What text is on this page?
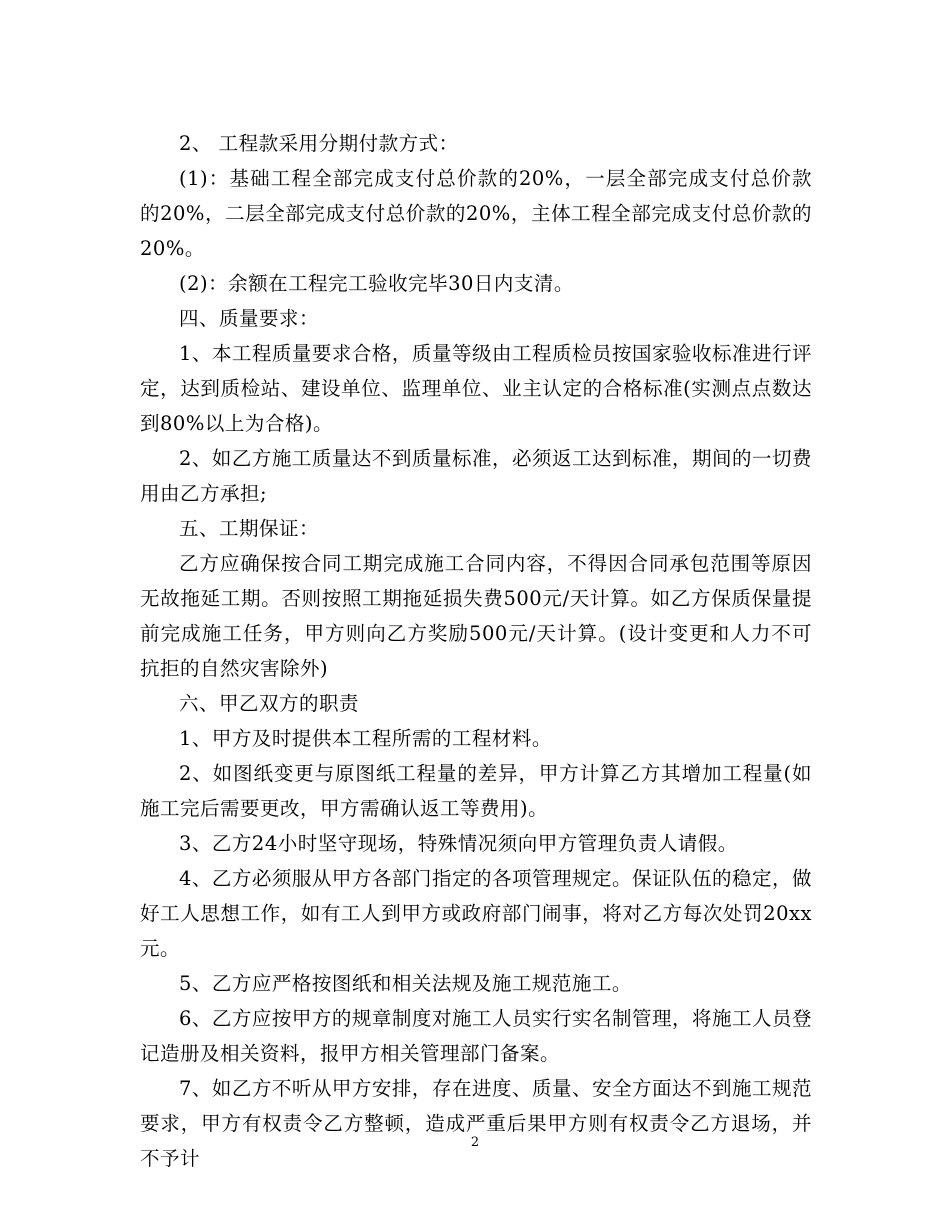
2、 工程款采用分期付款方式：

(1)：基础工程全部完成支付总价款的20%，一层全部完成支付总价款的20%，二层全部完成支付总价款的20%，主体工程全部完成支付总价款的20%。

(2)：余额在工程完工验收完毕30日内支清。

四、质量要求：

1、本工程质量要求合格，质量等级由工程质检员按国家验收标准进行评定，达到质检站、建设单位、监理单位、业主认定的合格标准(实测点点数达到80%以上为合格)。

2、如乙方施工质量达不到质量标准，必须返工达到标准，期间的一切费用由乙方承担;

五、工期保证：

乙方应确保按合同工期完成施工合同内容，不得因合同承包范围等原因无故拖延工期。否则按照工期拖延损失费500元/天计算。如乙方保质保量提前完成施工任务，甲方则向乙方奖励500元/天计算。(设计变更和人力不可抗拒的自然灾害除外)

六、甲乙双方的职责

1、甲方及时提供本工程所需的工程材料。

2、如图纸变更与原图纸工程量的差异，甲方计算乙方其增加工程量(如施工完后需要更改，甲方需确认返工等费用)。

3、乙方24小时坚守现场，特殊情况须向甲方管理负责人请假。

4、乙方必须服从甲方各部门指定的各项管理规定。保证队伍的稳定，做好工人思想工作，如有工人到甲方或政府部门闹事，将对乙方每次处罚20xx元。

5、乙方应严格按图纸和相关法规及施工规范施工。

6、乙方应按甲方的规章制度对施工人员实行实名制管理，将施工人员登记造册及相关资料，报甲方相关管理部门备案。

7、如乙方不听从甲方安排，存在进度、质量、安全方面达不到施工规范要求，甲方有权责令乙方整顿，造成严重后果甲方则有权责令乙方退场，并不予计

2
